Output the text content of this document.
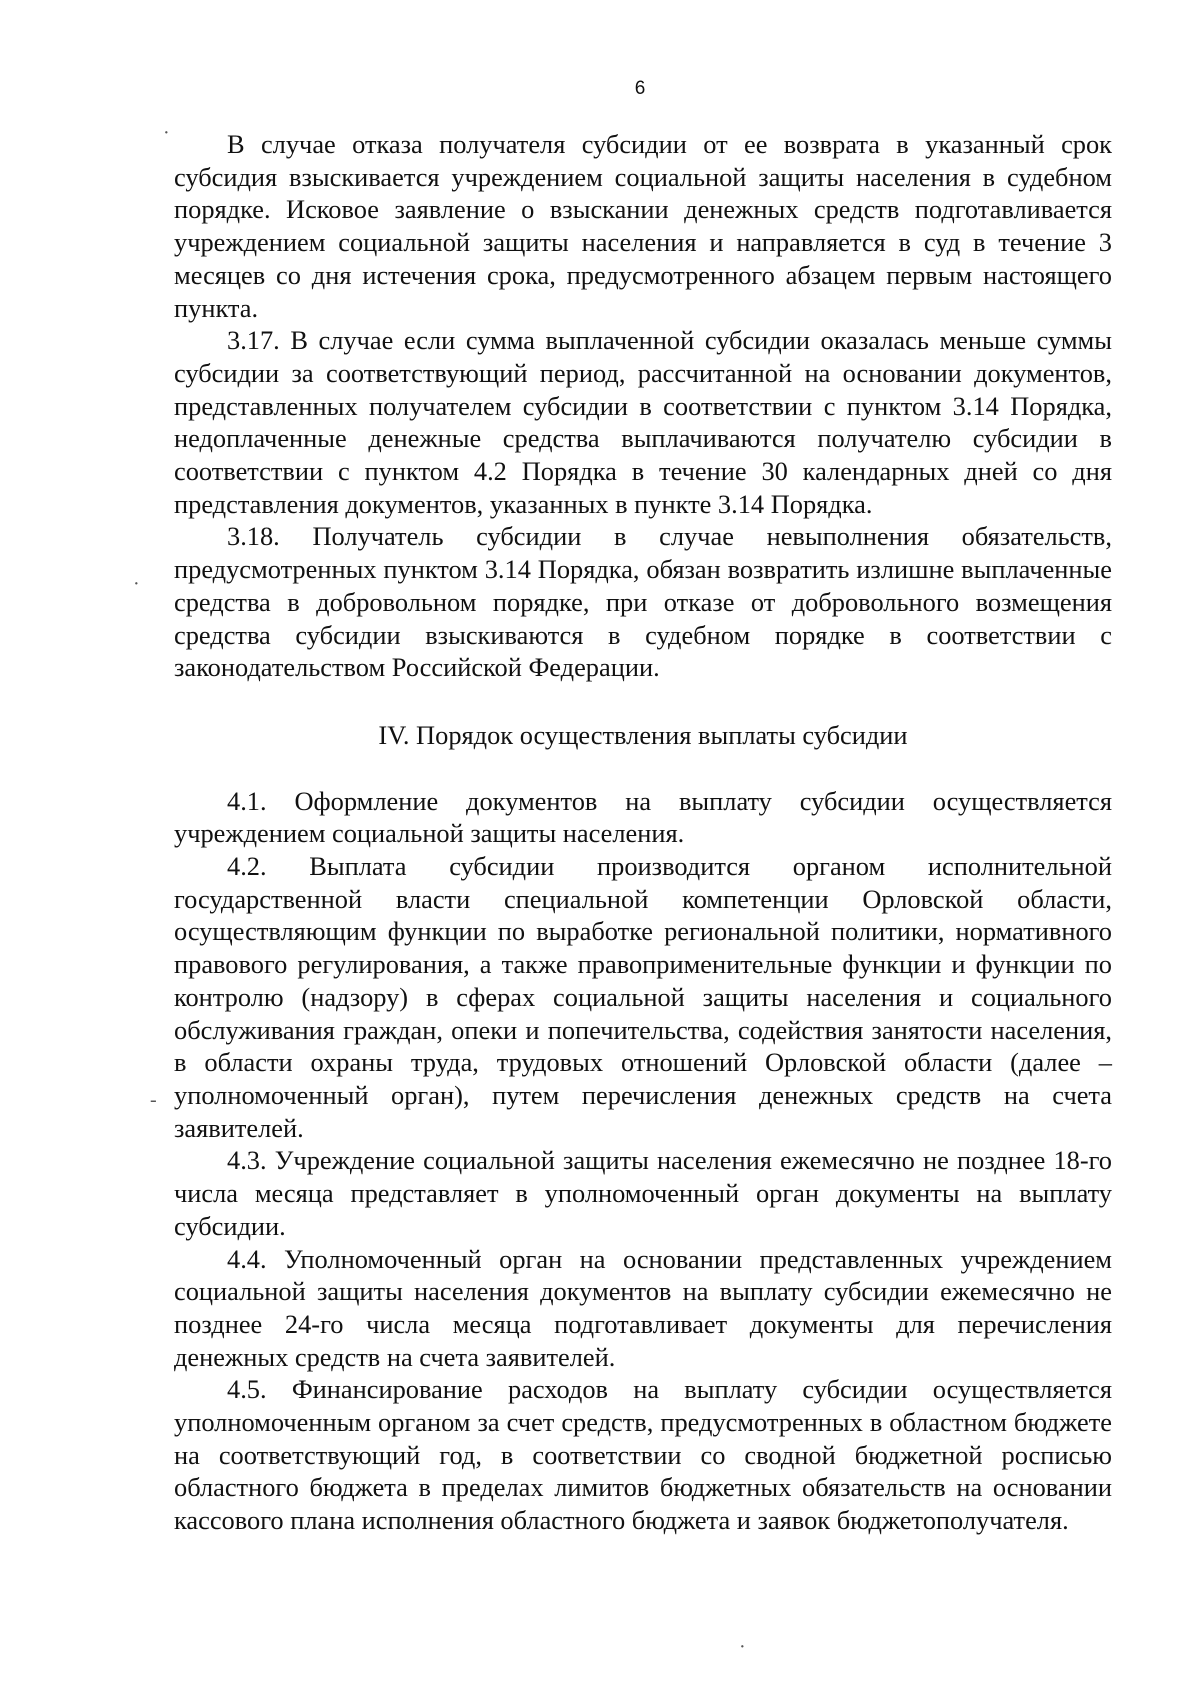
6
·
·
-
·

В случае отказа получателя субсидии от ее возврата в указанный срок субсидия взыскивается учреждением социальной защиты населения в судебном порядке. Исковое заявление о взыскании денежных средств подготавливается учреждением социальной защиты населения и направляется в суд в течение 3 месяцев со дня истечения срока, предусмотренного абзацем первым настоящего пункта.

3.17. В случае если сумма выплаченной субсидии оказалась меньше суммы субсидии за соответствующий период, рассчитанной на основании документов, представленных получателем субсидии в соответствии с пунктом 3.14 Порядка, недоплаченные денежные средства выплачиваются получателю субсидии в соответствии с пунктом 4.2 Порядка в течение 30 календарных дней со дня представления документов, указанных в пункте 3.14 Порядка.

3.18. Получатель субсидии в случае невыполнения обязательств, предусмотренных пунктом 3.14 Порядка, обязан возвратить излишне выплаченные средства в добровольном порядке, при отказе от добровольного возмещения средства субсидии взыскиваются в судебном порядке в соответствии с законодательством Российской Федерации.

IV. Порядок осуществления выплаты субсидии

4.1. Оформление документов на выплату субсидии осуществляется учреждением социальной защиты населения.

4.2. Выплата субсидии производится органом исполнительной государственной власти специальной компетенции Орловской области, осуществляющим функции по выработке региональной политики, нормативного правового регулирования, а также правоприменительные функции и функции по контролю (надзору) в сферах социальной защиты населения и социального обслуживания граждан, опеки и попечительства, содействия занятости населения, в области охраны труда, трудовых отношений Орловской области (далее – уполномоченный орган), путем перечисления денежных средств на счета заявителей.

4.3. Учреждение социальной защиты населения ежемесячно не позднее 18-го числа месяца представляет в уполномоченный орган документы на выплату субсидии.

4.4. Уполномоченный орган на основании представленных учреждением социальной защиты населения документов на выплату субсидии ежемесячно не позднее 24-го числа месяца подготавливает документы для перечисления денежных средств на счета заявителей.

4.5. Финансирование расходов на выплату субсидии осуществляется уполномоченным органом за счет средств, предусмотренных в областном бюджете на соответствующий год, в соответствии со сводной бюджетной росписью областного бюджета в пределах лимитов бюджетных обязательств на основании кассового плана исполнения областного бюджета и заявок бюджетополучателя.
